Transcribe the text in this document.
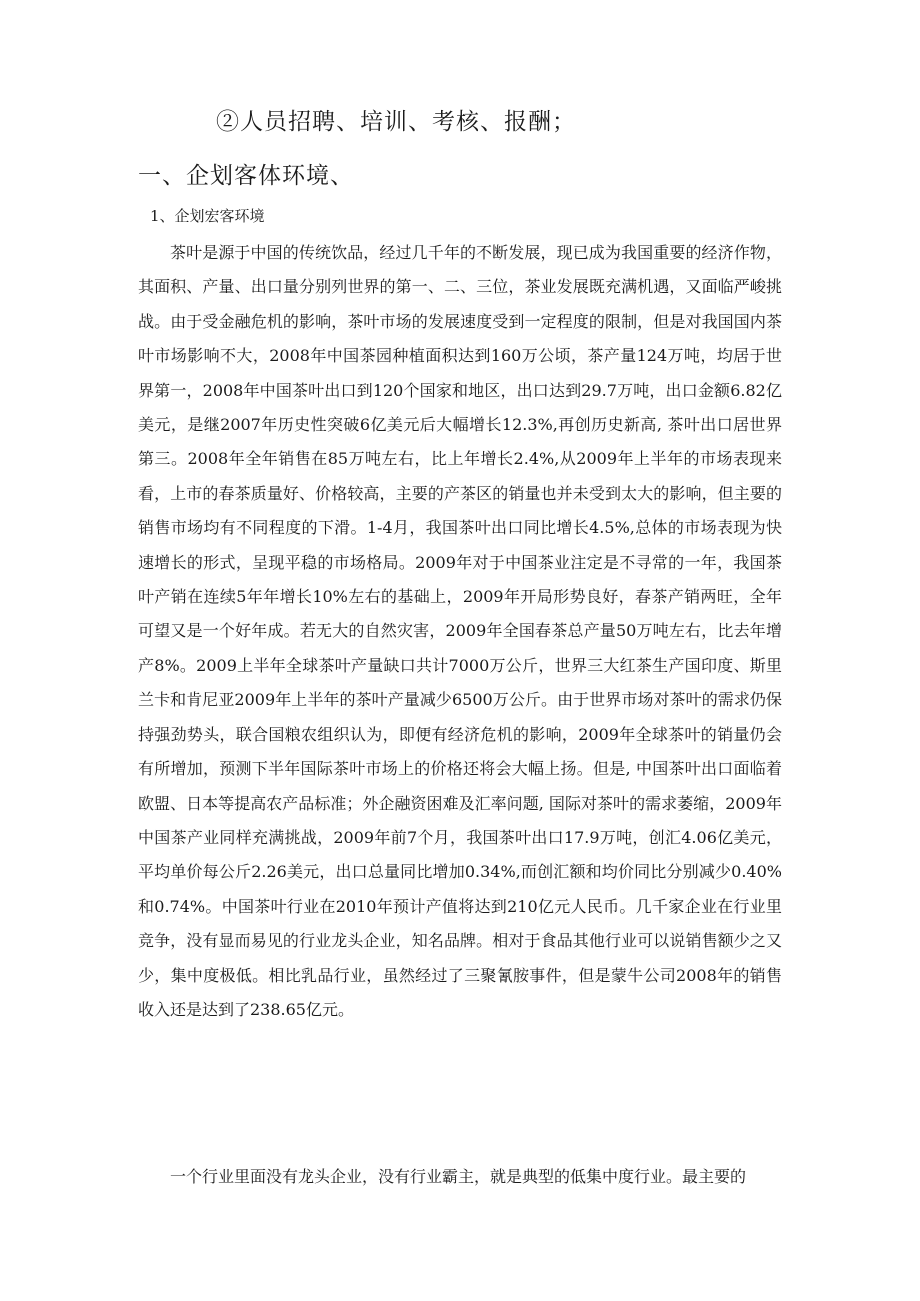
②人员招聘、培训、考核、报酬；
一、企划客体环境、
1、企划宏客环境

茶叶是源于中国的传统饮品，经过几千年的不断发展，现已成为我国重要的经济作物，其面积、产量、出口量分别列世界的第一、二、三位，茶业发展既充满机遇，又面临严峻挑战。由于受金融危机的影响，茶叶市场的发展速度受到一定程度的限制，但是对我国国内茶叶市场影响不大，2008年中国茶园种植面积达到160万公顷，茶产量124万吨，均居于世界第一，2008年中国茶叶出口到120个国家和地区，出口达到29.7万吨，出口金额6.82亿美元，是继2007年历史性突破6亿美元后大幅增长12.3%,再创历史新高, 茶叶出口居世界第三。2008年全年销售在85万吨左右，比上年增长2.4%,从2009年上半年的市场表现来看，上市的春茶质量好、价格较高，主要的产茶区的销量也并未受到太大的影响，但主要的销售市场均有不同程度的下滑。1-4月，我国茶叶出口同比增长4.5%,总体的市场表现为快速增长的形式，呈现平稳的市场格局。2009年对于中国茶业注定是不寻常的一年，我国茶叶产销在连续5年年增长10%左右的基础上，2009年开局形势良好，春茶产销两旺，全年可望又是一个好年成。若无大的自然灾害，2009年全国春茶总产量50万吨左右，比去年增产8%。2009上半年全球茶叶产量缺口共计7000万公斤，世界三大红茶生产国印度、斯里兰卡和肯尼亚2009年上半年的茶叶产量减少6500万公斤。由于世界市场对茶叶的需求仍保持强劲势头，联合国粮农组织认为，即便有经济危机的影响，2009年全球茶叶的销量仍会有所增加，预测下半年国际茶叶市场上的价格还将会大幅上扬。但是, 中国茶叶出口面临着欧盟、日本等提高农产品标准；外企融资困难及汇率问题, 国际对茶叶的需求萎缩，2009年中国茶产业同样充满挑战，2009年前7个月，我国茶叶出口17.9万吨，创汇4.06亿美元，平均单价每公斤2.26美元，出口总量同比增加0.34%,而创汇额和均价同比分别减少0.40%和0.74%。中国茶叶行业在2010年预计产值将达到210亿元人民币。几千家企业在行业里竞争，没有显而易见的行业龙头企业，知名品牌。相对于食品其他行业可以说销售额少之又少，集中度极低。相比乳品行业，虽然经过了三聚氰胺事件，但是蒙牛公司2008年的销售收入还是达到了238.65亿元。

一个行业里面没有龙头企业，没有行业霸主，就是典型的低集中度行业。最主要的
